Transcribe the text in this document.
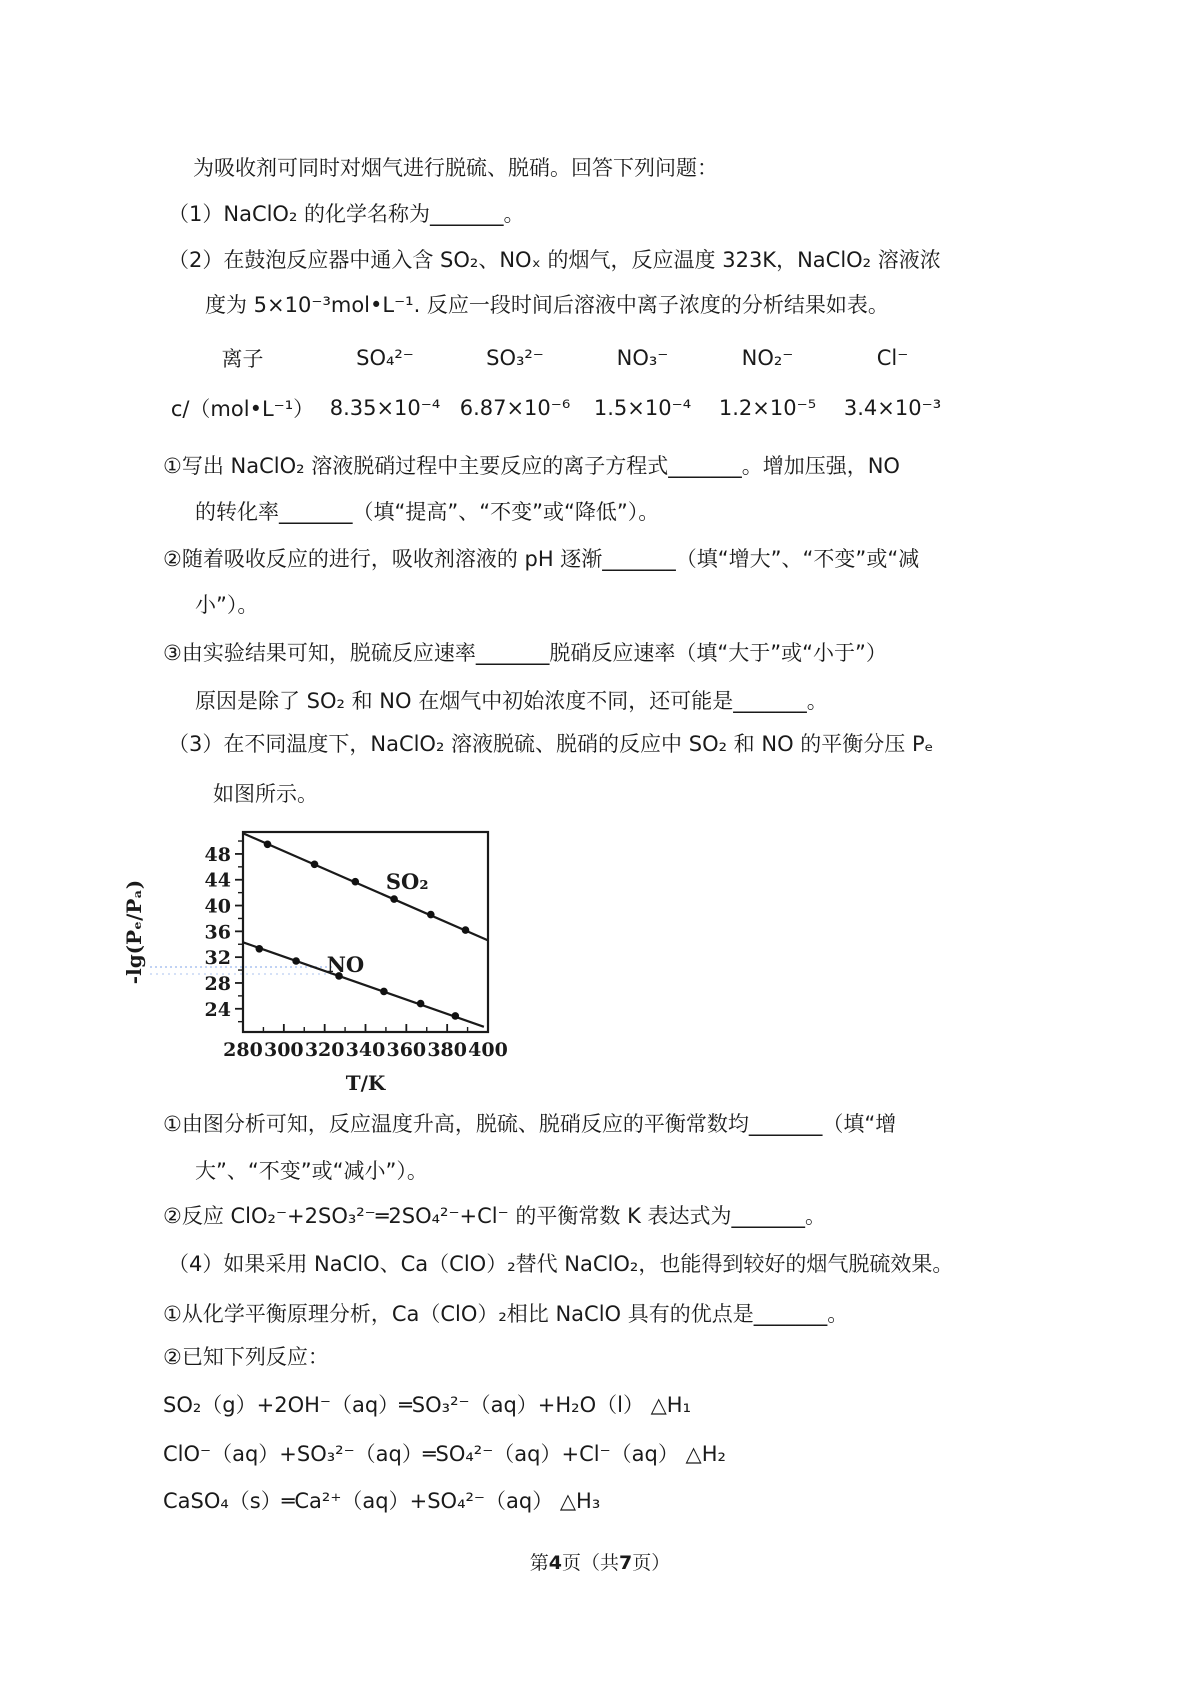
为吸收剂可同时对烟气进行脱硫、脱硝。回答下列问题：
（1）NaClO₂ 的化学名称为_______。
（2）在鼓泡反应器中通入含 SO₂、NOₓ 的烟气，反应温度 323K，NaClO₂ 溶液浓
度为 5×10⁻³mol•L⁻¹. 反应一段时间后溶液中离子浓度的分析结果如表。
离子	SO₄²⁻	SO₃²⁻	NO₃⁻	NO₂⁻	Cl⁻
c/（mol•L⁻¹） 8.35×10⁻⁴ 6.87×10⁻⁶	1.5×10⁻⁴	1.2×10⁻⁵	3.4×10⁻³
①写出 NaClO₂ 溶液脱硝过程中主要反应的离子方程式_______。增加压强，NO
的转化率_______（填“提高”、“不变”或“降低”）。
②随着吸收反应的进行，吸收剂溶液的 pH 逐渐_______（填“增大”、“不变”或“减
小”）。
③由实验结果可知，脱硫反应速率_______脱硝反应速率（填“大于”或“小于”）
原因是除了 SO₂ 和 NO 在烟气中初始浓度不同，还可能是_______。
（3）在不同温度下，NaClO₂ 溶液脱硫、脱硝的反应中 SO₂ 和 NO 的平衡分压 Pₑ
如图所示。
24
28
32
36
40
44
48
280 300 320 340 360 380 400
SO₂
NO
T/K
-lg(Pₑ/Pₐ)
①由图分析可知，反应温度升高，脱硫、脱硝反应的平衡常数均_______（填“增
大”、“不变”或“减小”）。
②反应 ClO₂⁻+2SO₃²⁻═2SO₄²⁻+Cl⁻ 的平衡常数 K 表达式为_______。
（4）如果采用 NaClO、Ca（ClO）₂替代 NaClO₂，也能得到较好的烟气脱硫效果。
①从化学平衡原理分析，Ca（ClO）₂相比 NaClO 具有的优点是_______。
②已知下列反应：
SO₂（g）+2OH⁻（aq）═SO₃²⁻（aq）+H₂O（l） △H₁
ClO⁻（aq）+SO₃²⁻（aq）═SO₄²⁻（aq）+Cl⁻（aq） △H₂
CaSO₄（s）═Ca²⁺（aq）+SO₄²⁻（aq） △H₃
第4页（共7页）
